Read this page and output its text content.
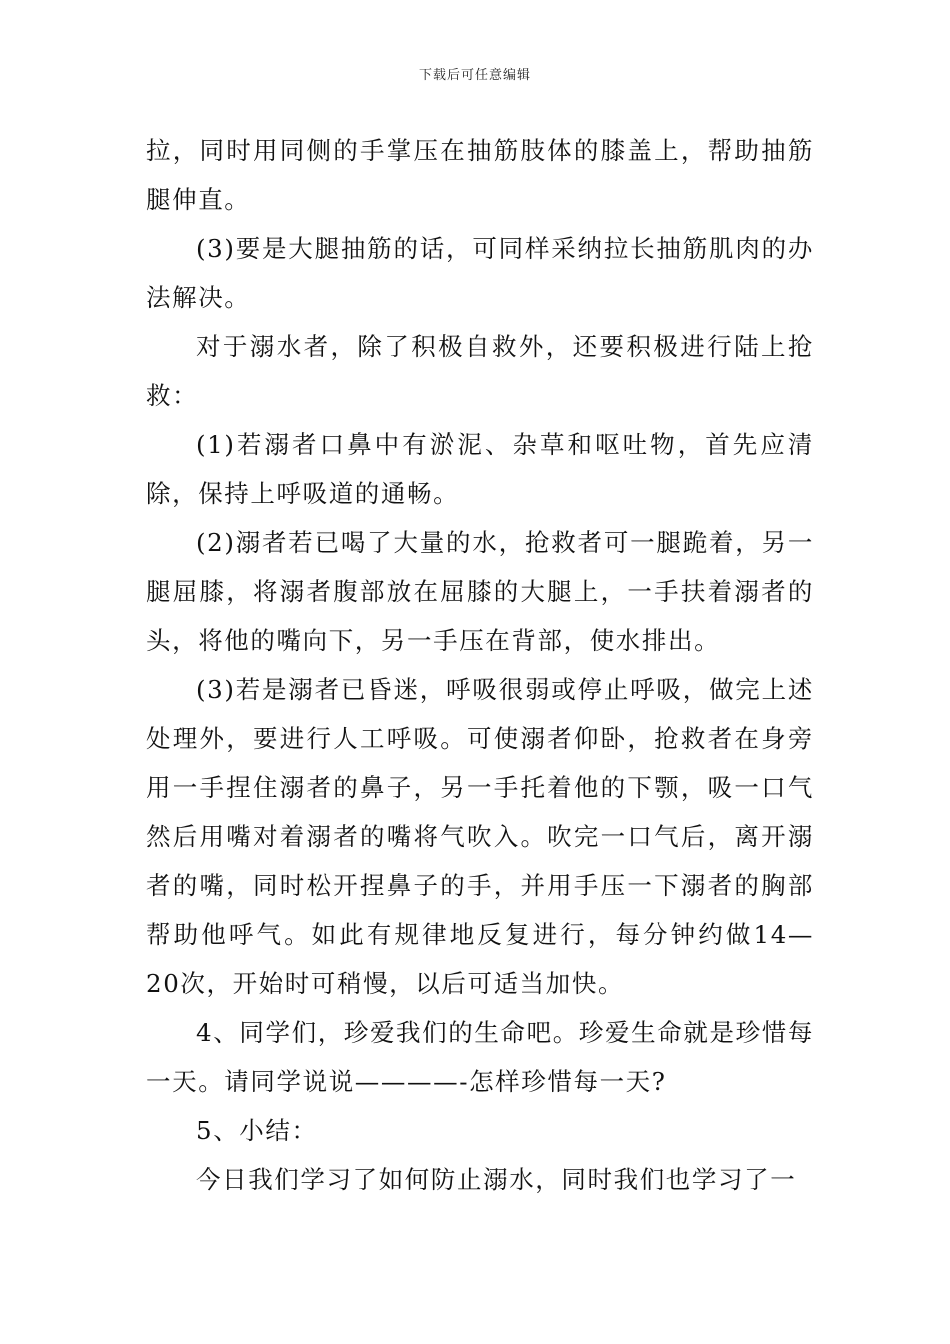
下载后可任意编辑

拉，同时用同侧的手掌压在抽筋肢体的膝盖上，帮助抽筋腿伸直。

(3)要是大腿抽筋的话，可同样采纳拉长抽筋肌肉的办法解决。

对于溺水者，除了积极自救外，还要积极进行陆上抢救：

(1)若溺者口鼻中有淤泥、杂草和呕吐物，首先应清除，保持上呼吸道的通畅。

(2)溺者若已喝了大量的水，抢救者可一腿跪着，另一腿屈膝，将溺者腹部放在屈膝的大腿上，一手扶着溺者的头，将他的嘴向下，另一手压在背部，使水排出。

(3)若是溺者已昏迷，呼吸很弱或停止呼吸，做完上述处理外，要进行人工呼吸。可使溺者仰卧，抢救者在身旁用一手捏住溺者的鼻子，另一手托着他的下颚，吸一口气然后用嘴对着溺者的嘴将气吹入。吹完一口气后，离开溺者的嘴，同时松开捏鼻子的手，并用手压一下溺者的胸部帮助他呼气。如此有规律地反复进行，每分钟约做14—20次，开始时可稍慢，以后可适当加快。

4、同学们，珍爱我们的生命吧。珍爱生命就是珍惜每一天。请同学说说————-怎样珍惜每一天?

5、小结：

今日我们学习了如何防止溺水，同时我们也学习了一
